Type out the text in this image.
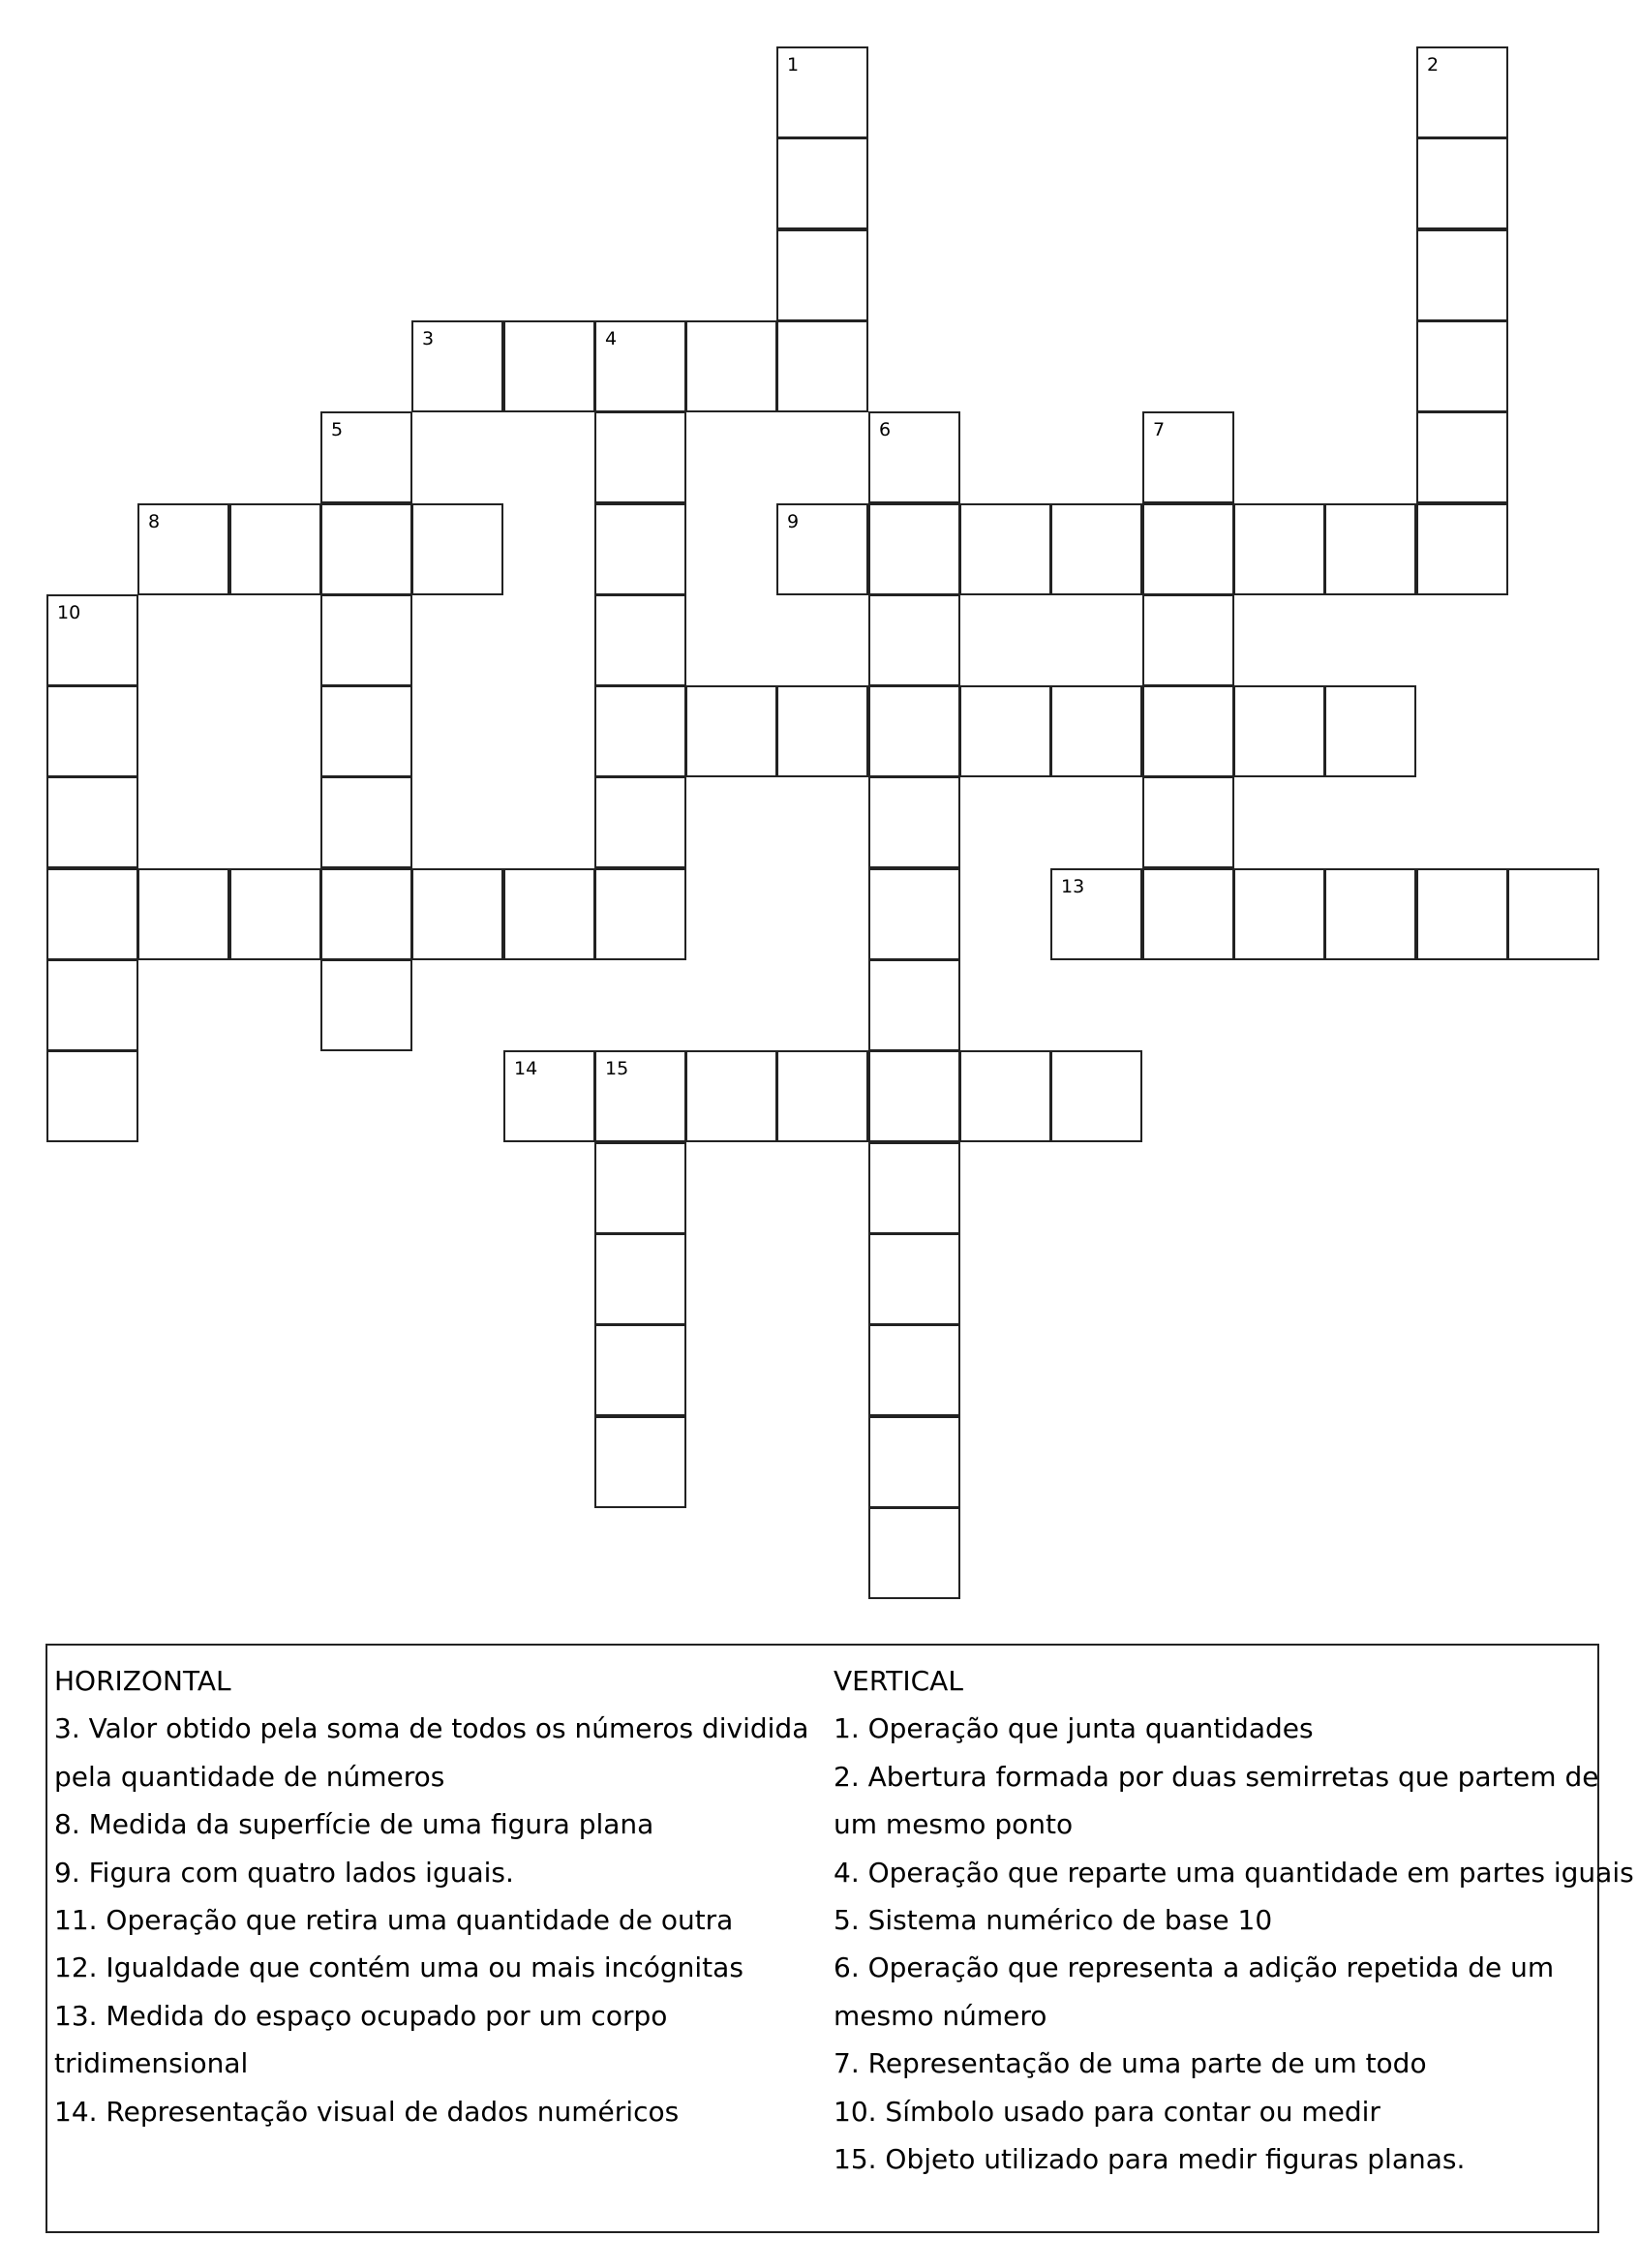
1	2
3	4
5	6	7
8	9
10
13
14	15
HORIZONTAL
3. Valor obtido pela soma de todos os números dividida
pela quantidade de números
8. Medida da superfície de uma figura plana
9. Figura com quatro lados iguais.
11. Operação que retira uma quantidade de outra
12. Igualdade que contém uma ou mais incógnitas
13. Medida do espaço ocupado por um corpo
tridimensional
14. Representação visual de dados numéricos
VERTICAL
1. Operação que junta quantidades
2. Abertura formada por duas semirretas que partem de
um mesmo ponto
4. Operação que reparte uma quantidade em partes iguais
5. Sistema numérico de base 10
6. Operação que representa a adição repetida de um
mesmo número
7. Representação de uma parte de um todo
10. Símbolo usado para contar ou medir
15. Objeto utilizado para medir figuras planas.
